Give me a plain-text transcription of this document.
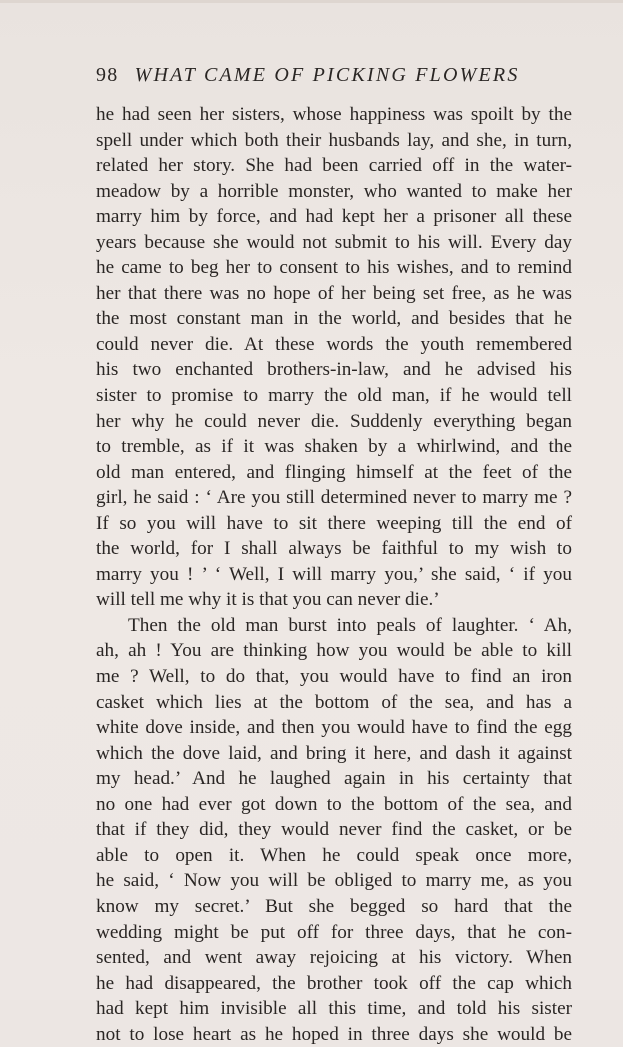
98 WHAT CAME OF PICKING FLOWERS
he had seen her sisters, whose happiness was spoilt by the
spell under which both their husbands lay, and she, in turn,
related her story. She had been carried off in the water-
meadow by a horrible monster, who wanted to make her
marry him by force, and had kept her a prisoner all these
years because she would not submit to his will. Every day
he came to beg her to consent to his wishes, and to remind
her that there was no hope of her being set free, as he was
the most constant man in the world, and besides that he
could never die. At these words the youth remembered
his two enchanted brothers-in-law, and he advised his
sister to promise to marry the old man, if he would tell
her why he could never die. Suddenly everything began
to tremble, as if it was shaken by a whirlwind, and the
old man entered, and flinging himself at the feet of the
girl, he said : ‘ Are you still determined never to marry me ?
If so you will have to sit there weeping till the end of
the world, for I shall always be faithful to my wish to
marry you ! ’ ‘ Well, I will marry you,’ she said, ‘ if you
will tell me why it is that you can never die.’
Then the old man burst into peals of laughter. ‘ Ah,
ah, ah ! You are thinking how you would be able to kill
me ? Well, to do that, you would have to find an iron
casket which lies at the bottom of the sea, and has a
white dove inside, and then you would have to find the egg
which the dove laid, and bring it here, and dash it against
my head.’ And he laughed again in his certainty that
no one had ever got down to the bottom of the sea, and
that if they did, they would never find the casket, or be
able to open it. When he could speak once more,
he said, ‘ Now you will be obliged to marry me, as you
know my secret.’ But she begged so hard that the
wedding might be put off for three days, that he con-
sented, and went away rejoicing at his victory. When
he had disappeared, the brother took off the cap which
had kept him invisible all this time, and told his sister
not to lose heart as he hoped in three days she would be
